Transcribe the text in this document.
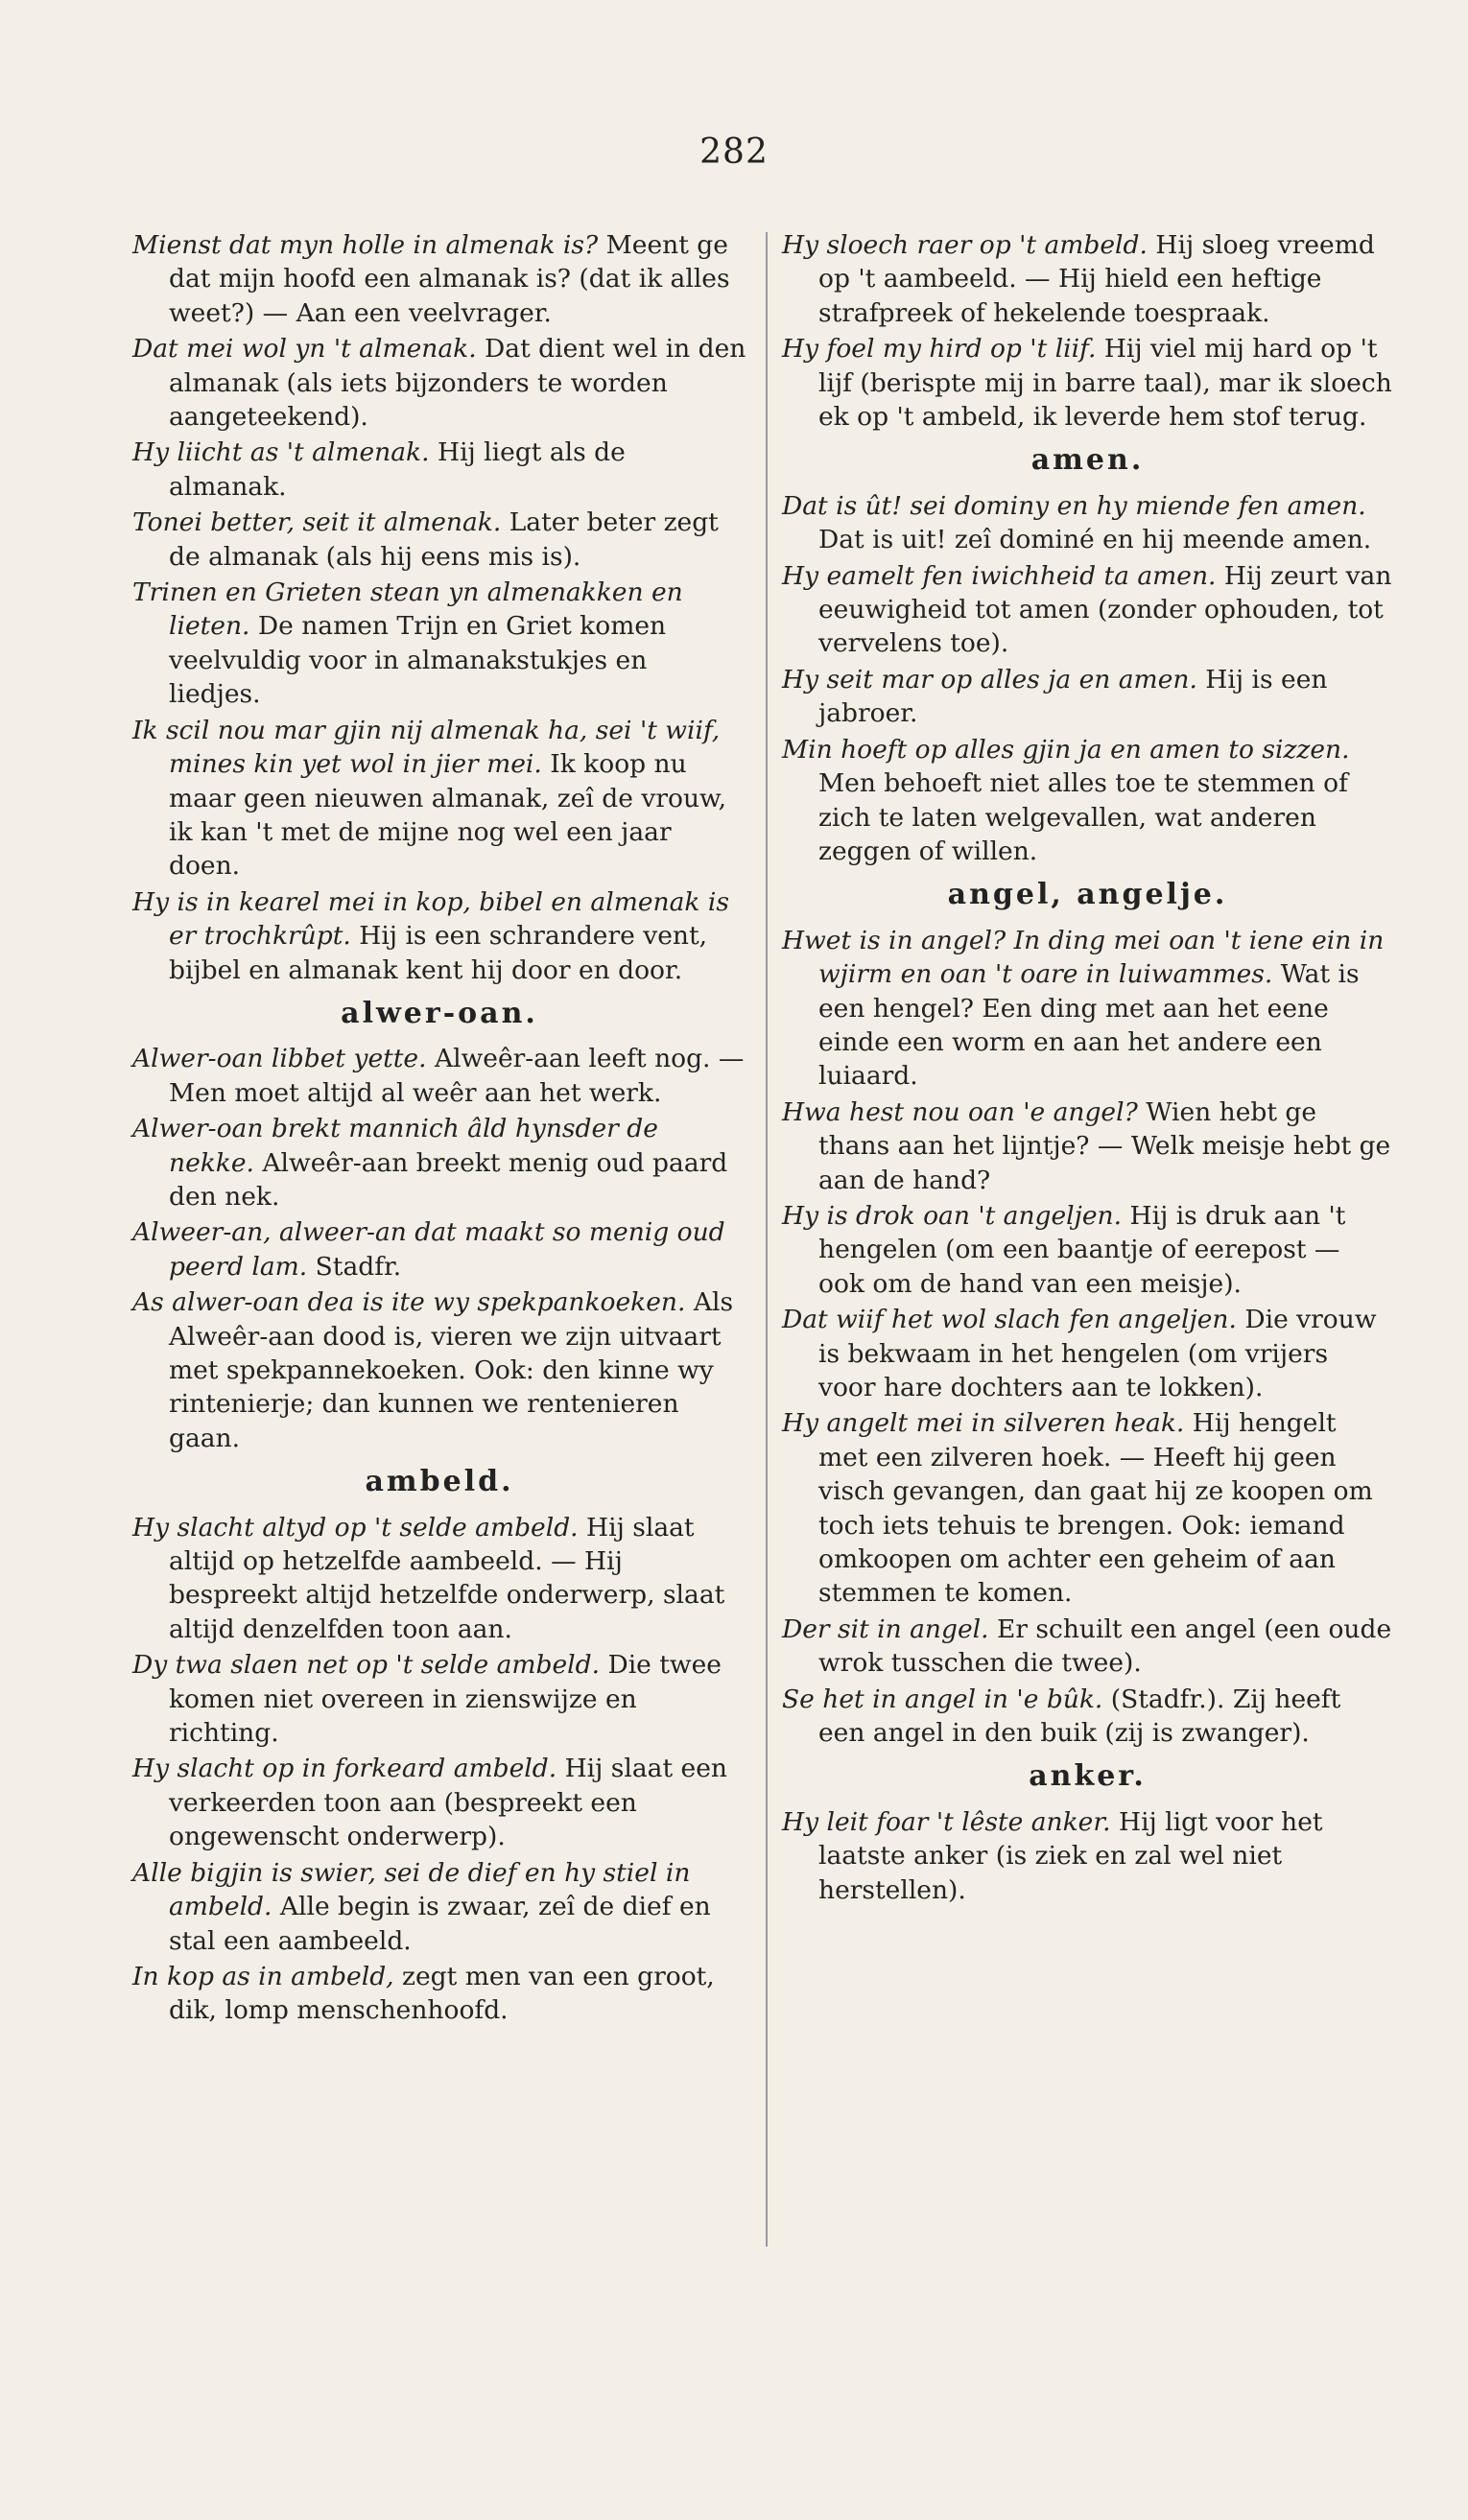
282
Mienst dat myn holle in almenak is? Meent ge dat mijn hoofd een almanak is? (dat ik alles weet?) — Aan een veelvrager.
Dat mei wol yn 't almenak. Dat dient wel in den almanak (als iets bijzonders te worden aangeteekend).
Hy liicht as 't almenak. Hij liegt als de almanak.
Tonei better, seit it almenak. Later beter zegt de almanak (als hij eens mis is).
Trinen en Grieten stean yn almenakken en lieten. De namen Trijn en Griet komen veelvuldig voor in almanakstukjes en liedjes.
Ik scil nou mar gjin nij almenak ha, sei 't wiif, mines kin yet wol in jier mei. Ik koop nu maar geen nieuwen almanak, zeî de vrouw, ik kan 't met de mijne nog wel een jaar doen.
Hy is in kearel mei in kop, bibel en almenak is er trochkrûpt. Hij is een schrandere vent, bijbel en almanak kent hij door en door.
alwer-oan.
Alwer-oan libbet yette. Alweêr-aan leeft nog. — Men moet altijd al weêr aan het werk.
Alwer-oan brekt mannich âld hynsder de nekke. Alweêr-aan breekt menig oud paard den nek.
Alweer-an, alweer-an dat maakt so menig oud peerd lam. Stadfr.
As alwer-oan dea is ite wy spekpankoeken. Als Alweêr-aan dood is, vieren we zijn uitvaart met spekpannekoeken. Ook: den kinne wy rintenierje; dan kunnen we rentenieren gaan.
ambeld.
Hy slacht altyd op 't selde ambeld. Hij slaat altijd op hetzelfde aambeeld. — Hij bespreekt altijd hetzelfde onderwerp, slaat altijd denzelfden toon aan.
Dy twa slaen net op 't selde ambeld. Die twee komen niet overeen in zienswijze en richting.
Hy slacht op in forkeard ambeld. Hij slaat een verkeerden toon aan (bespreekt een ongewenscht onderwerp).
Alle bigjin is swier, sei de dief en hy stiel in ambeld. Alle begin is zwaar, zeî de dief en stal een aambeeld.
In kop as in ambeld, zegt men van een groot, dik, lomp menschenhoofd.
Hy sloech raer op 't ambeld. Hij sloeg vreemd op 't aambeeld. — Hij hield een heftige strafpreek of hekelende toespraak.
Hy foel my hird op 't liif. Hij viel mij hard op 't lijf (berispte mij in barre taal), mar ik sloech ek op 't ambeld, ik leverde hem stof terug.
amen.
Dat is ût! sei dominy en hy miende fen amen. Dat is uit! zeî dominé en hij meende amen.
Hy eamelt fen iwichheid ta amen. Hij zeurt van eeuwigheid tot amen (zonder ophouden, tot vervelens toe).
Hy seit mar op alles ja en amen. Hij is een jabroer.
Min hoeft op alles gjin ja en amen to sizzen. Men behoeft niet alles toe te stemmen of zich te laten welgevallen, wat anderen zeggen of willen.
angel, angelje.
Hwet is in angel? In ding mei oan 't iene ein in wjirm en oan 't oare in luiwammes. Wat is een hengel? Een ding met aan het eene einde een worm en aan het andere een luiaard.
Hwa hest nou oan 'e angel? Wien hebt ge thans aan het lijntje? — Welk meisje hebt ge aan de hand?
Hy is drok oan 't angeljen. Hij is druk aan 't hengelen (om een baantje of eerepost — ook om de hand van een meisje).
Dat wiif het wol slach fen angeljen. Die vrouw is bekwaam in het hengelen (om vrijers voor hare dochters aan te lokken).
Hy angelt mei in silveren heak. Hij hengelt met een zilveren hoek. — Heeft hij geen visch gevangen, dan gaat hij ze koopen om toch iets tehuis te brengen. Ook: iemand omkoopen om achter een geheim of aan stemmen te komen.
Der sit in angel. Er schuilt een angel (een oude wrok tusschen die twee).
Se het in angel in 'e bûk. (Stadfr.). Zij heeft een angel in den buik (zij is zwanger).
anker.
Hy leit foar 't lêste anker. Hij ligt voor het laatste anker (is ziek en zal wel niet herstellen).
